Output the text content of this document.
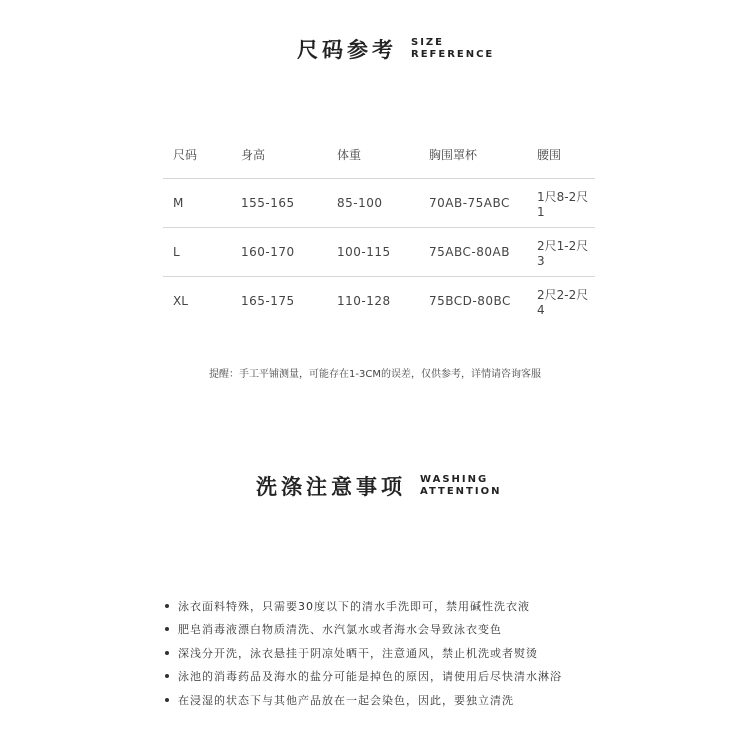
尺码参考 SIZE
REFERENCE
尺码	身高	体重	胸围罩杯	腰围
M	155-165	85-100	70AB-75ABC	1尺8-2尺1
L	160-170	100-115	75ABC-80AB	2尺1-2尺3
XL	165-175	110-128	75BCD-80BC	2尺2-2尺4
提醒：手工平铺测量，可能存在1-3CM的误差，仅供参考，详情请咨询客服
洗涤注意事项 WASHING
ATTENTION
泳衣面料特殊，只需要30度以下的清水手洗即可，禁用碱性洗衣液
肥皂消毒液漂白物质清洗、水汽氯水或者海水会导致泳衣变色
深浅分开洗，泳衣悬挂于阴凉处晒干，注意通风，禁止机洗或者熨烫
泳池的消毒药品及海水的盐分可能是掉色的原因，请使用后尽快清水淋浴
在浸湿的状态下与其他产品放在一起会染色，因此，要独立清洗
